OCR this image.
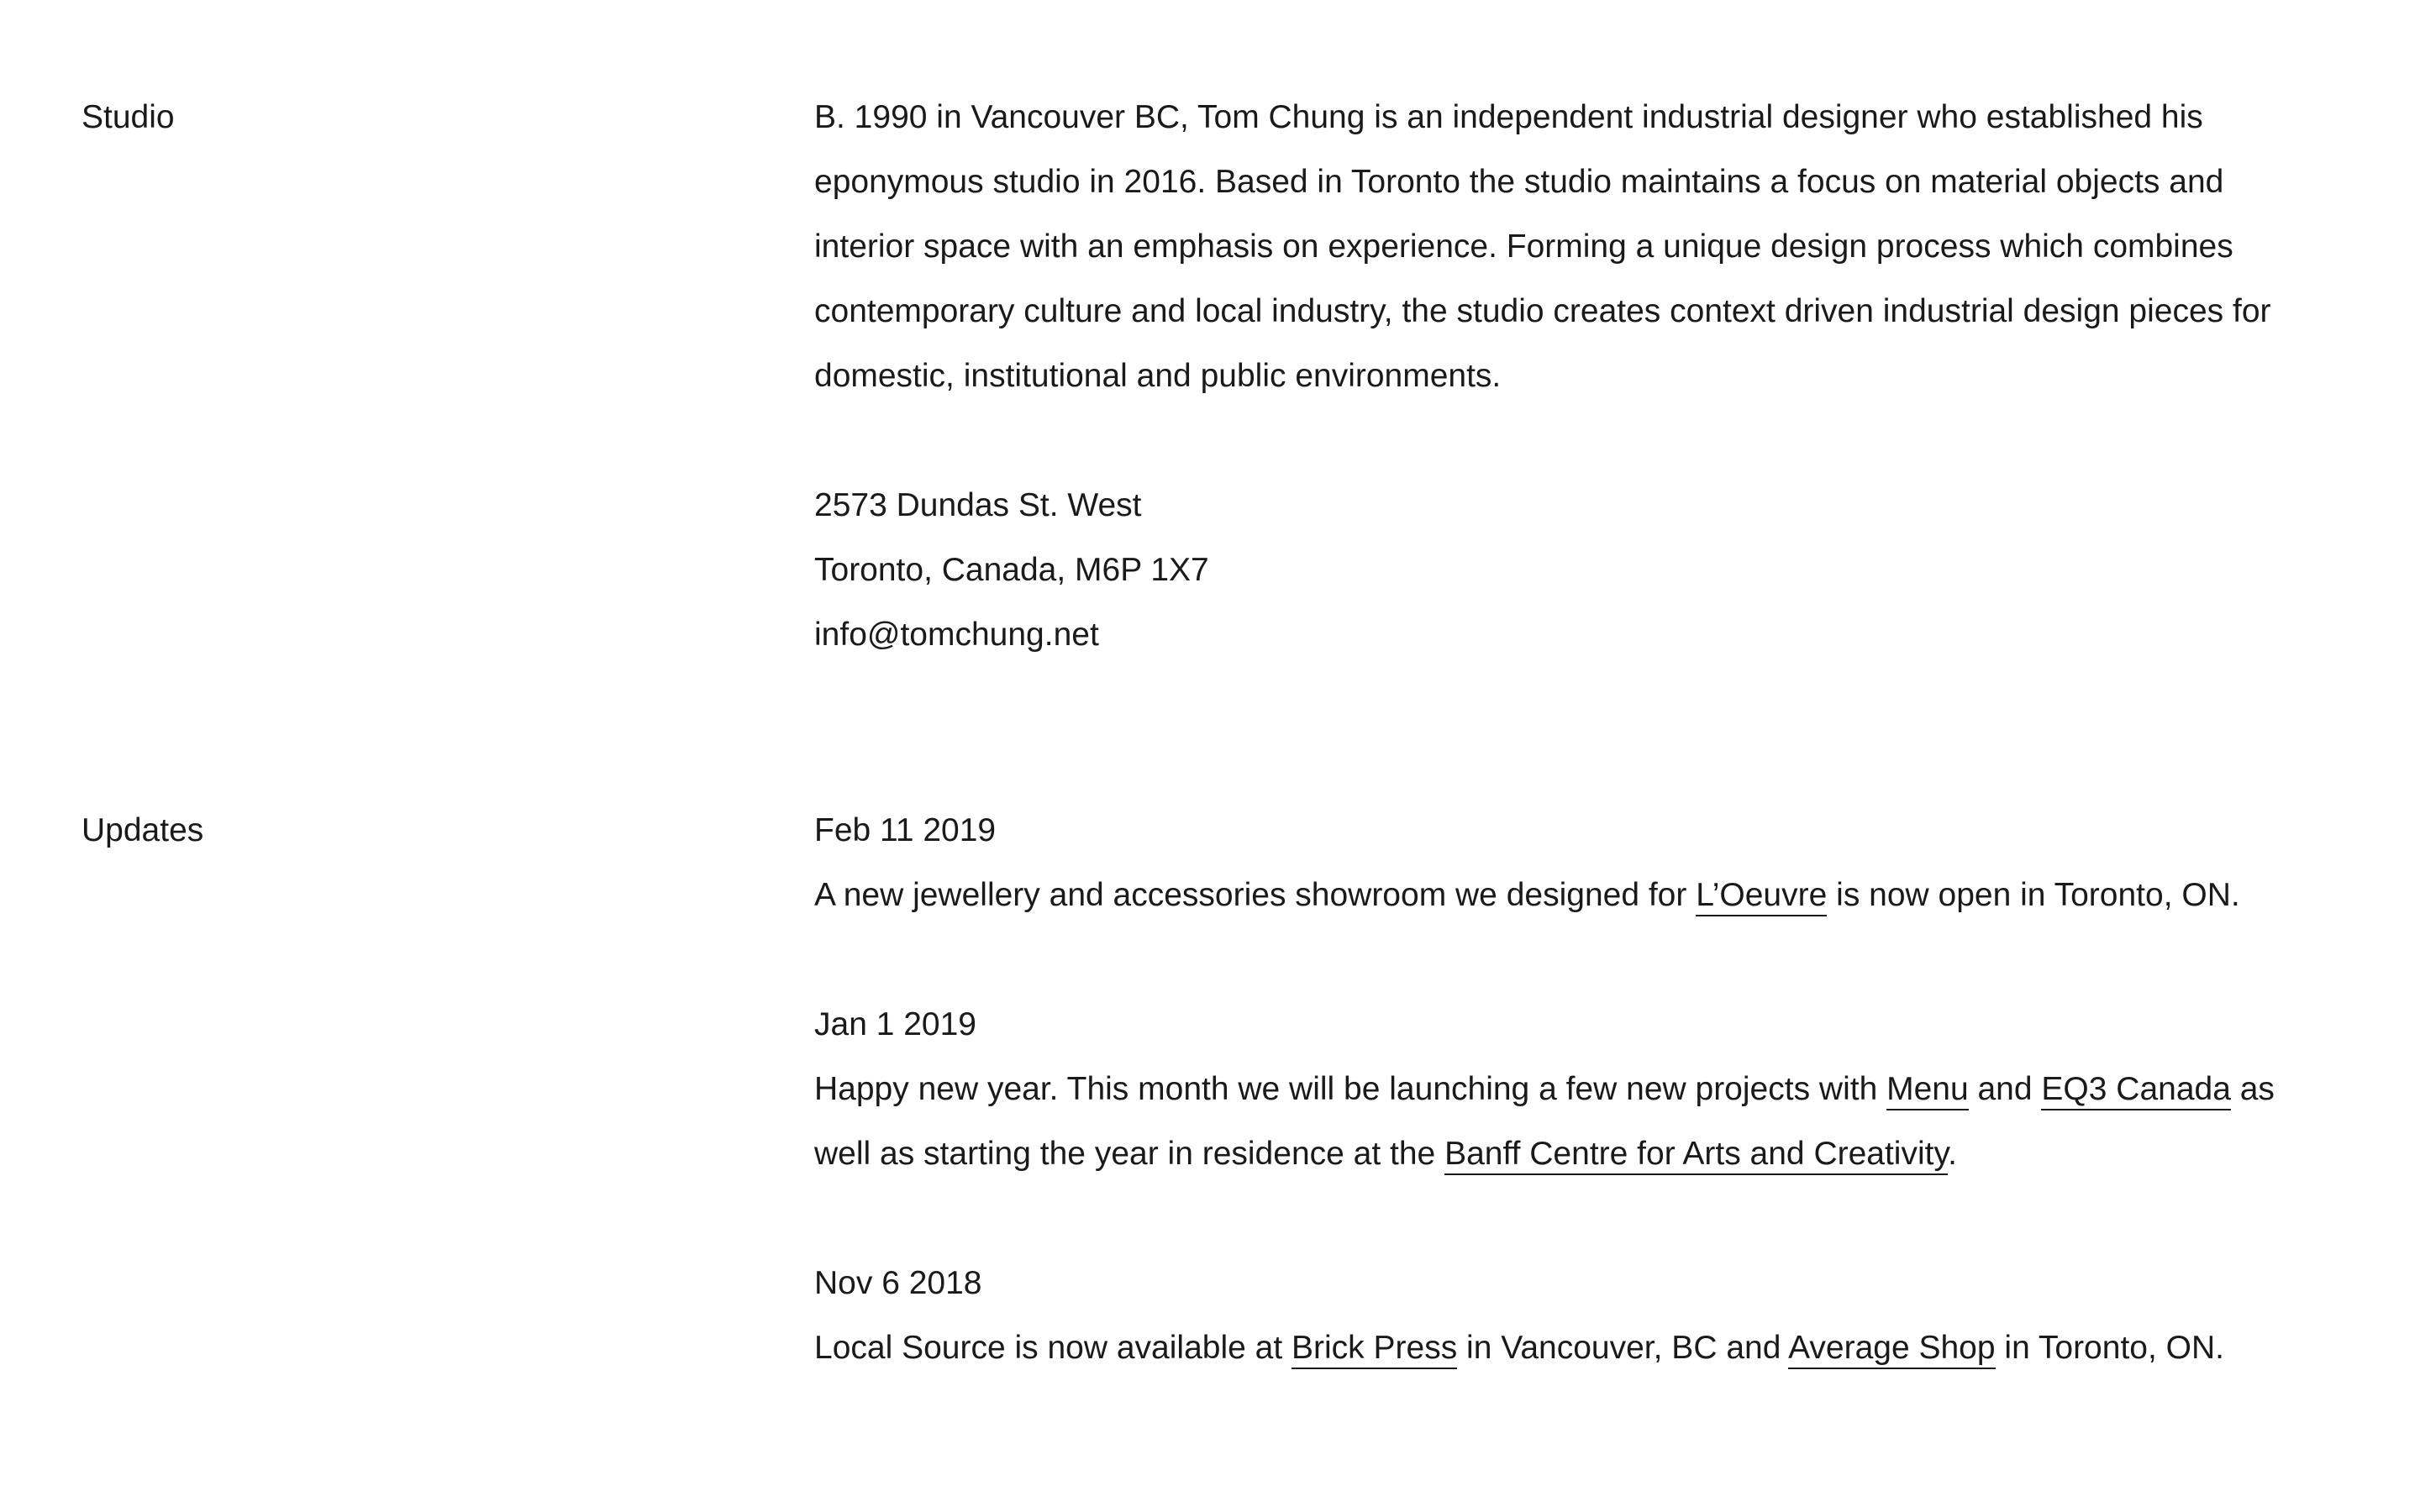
Studio	B. 1990 in Vancouver BC, Tom Chung is an independent industrial designer who established his eponymous studio in 2016. Based in Toronto the studio maintains a focus on material objects and interior space with an emphasis on experience. Forming a unique design process which combines contemporary culture and local industry, the studio creates context driven industrial design pieces for domestic, institutional and public environments.

2573 Dundas St. West

Toronto, Canada, M6P 1X7

info@tomchung.net

Updates	Feb 11 2019

A new jewellery and accessories showroom we designed for L’Oeuvre is now open in Toronto, ON.

Jan 1 2019

Happy new year. This month we will be launching a few new projects with Menu and EQ3 Canada as well as starting the year in residence at the Banff Centre for Arts and Creativity.

Nov 6 2018

Local Source is now available at Brick Press in Vancouver, BC and Average Shop in Toronto, ON.
